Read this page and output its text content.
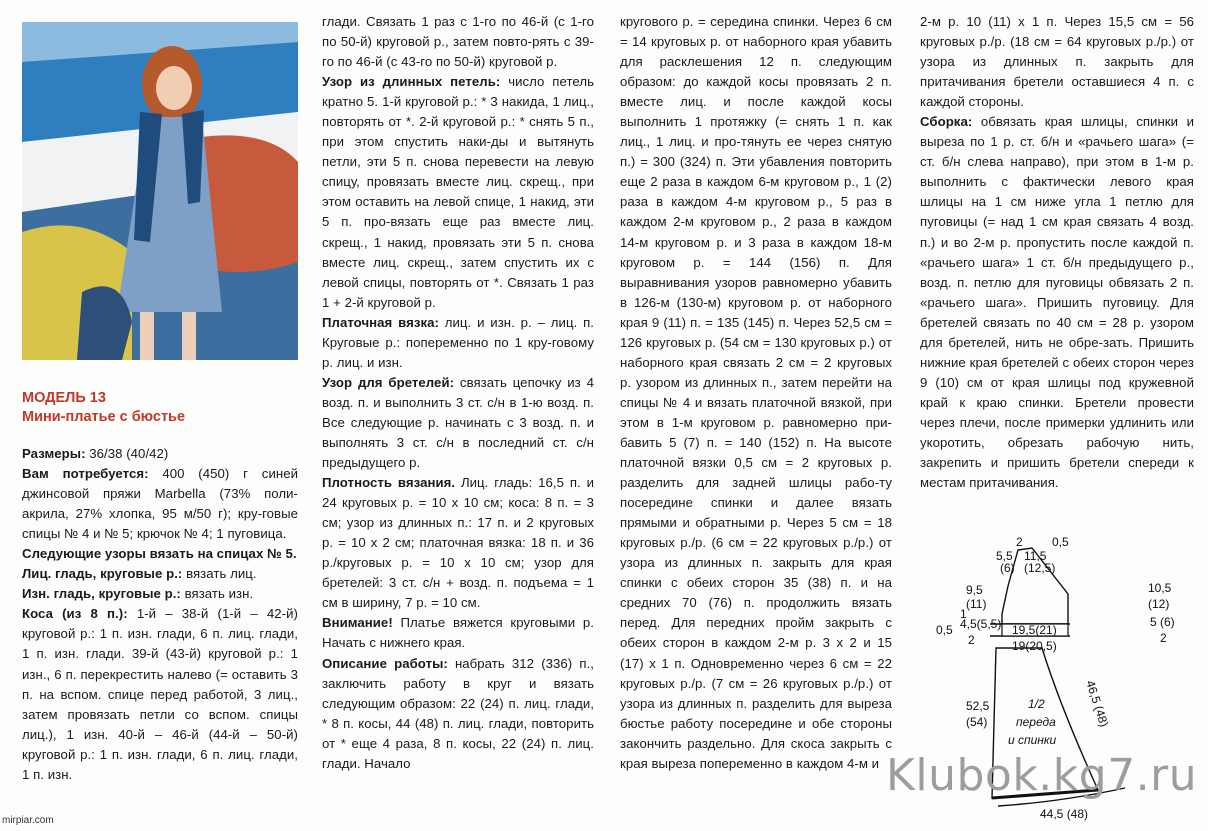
МОДЕЛЬ 13
Мини-платье с бюстье

Размеры: 36/38 (40/42)

Вам потребуется: 400 (450) г синей джинсовой пряжи Marbella (73% поли-акрила, 27% хлопка, 95 м/50 г); кру-говые спицы № 4 и № 5; крючок № 4; 1 пуговица.

Следующие узоры вязать на спицах № 5.

Лиц. гладь, круговые р.: вязать лиц.

Изн. гладь, круговые р.: вязать изн.

Коса (из 8 п.): 1-й – 38-й (1-й – 42-й) круговой р.: 1 п. изн. глади, 6 п. лиц. глади, 1 п. изн. глади. 39-й (43-й) круговой р.: 1 изн., 6 п. перекрестить налево (= оставить 3 п. на вспом. спице перед работой, 3 лиц., затем провязать петли со вспом. спицы лиц.), 1 изн. 40-й – 46-й (44-й – 50-й) круговой р.: 1 п. изн. глади, 6 п. лиц. глади, 1 п. изн.

глади. Связать 1 раз с 1-го по 46-й (с 1-го по 50-й) круговой р., затем повто-рять с 39-го по 46-й (с 43-го по 50-й) круговой р.

Узор из длинных петель: число петель кратно 5. 1-й круговой р.: * 3 накида, 1 лиц., повторять от *. 2-й круговой р.: * снять 5 п., при этом спустить наки-ды и вытянуть петли, эти 5 п. снова перевести на левую спицу, провязать вместе лиц. скрещ., при этом оставить на левой спице, 1 накид, эти 5 п. про-вязать еще раз вместе лиц. скрещ., 1 накид, провязать эти 5 п. снова вместе лиц. скрещ., затем спустить их с левой спицы, повторять от *. Связать 1 раз 1 + 2-й круговой р.

Платочная вязка: лиц. и изн. р. – лиц. п. Круговые р.: попеременно по 1 кру-говому р. лиц. и изн.

Узор для бретелей: связать цепочку из 4 возд. п. и выполнить 3 ст. с/н в 1-ю возд. п. Все следующие р. начинать с 3 возд. п. и выполнять 3 ст. с/н в последний ст. с/н предыдущего р.

Плотность вязания. Лиц. гладь: 16,5 п. и 24 круговых р. = 10 x 10 см; коса: 8 п. = 3 см; узор из длинных п.: 17 п. и 2 круговых р. = 10 x 2 см; платочная вязка: 18 п. и 36 р./круговых р. = 10 x 10 см; узор для бретелей: 3 ст. с/н + возд. п. подъема = 1 см в ширину, 7 р. = 10 см.

Внимание! Платье вяжется круговыми р. Начать с нижнего края.

Описание работы: набрать 312 (336) п., заключить работу в круг и вязать следующим образом: 22 (24) п. лиц. глади, * 8 п. косы, 44 (48) п. лиц. глади, повторить от * еще 4 раза, 8 п. косы, 22 (24) п. лиц. глади. Начало

кругового р. = середина спинки. Через 6 см = 14 круговых р. от наборного края убавить для расклешения 12 п. следующим образом: до каждой косы провязать 2 п. вместе лиц. и после каждой косы выполнить 1 протяжку (= снять 1 п. как лиц., 1 лиц. и про-тянуть ее через снятую п.) = 300 (324) п. Эти убавления повторить еще 2 раза в каждом 6-м круговом р., 1 (2) раза в каждом 4-м круговом р., 5 раз в каждом 2-м круговом р., 2 раза в каждом 14-м круговом р. и 3 раза в каждом 18-м круговом р. = 144 (156) п. Для выравнивания узоров равномерно убавить в 126-м (130-м) круговом р. от наборного края 9 (11) п. = 135 (145) п. Через 52,5 см = 126 круговых р. (54 см = 130 круговых р.) от наборного края связать 2 см = 2 круговых р. узором из длинных п., затем перейти на спицы № 4 и вязать платочной вязкой, при этом в 1-м круговом р. равномерно при-бавить 5 (7) п. = 140 (152) п. На высоте платочной вязки 0,5 см = 2 круговых р. разделить для задней шлицы рабо-ту посередине спинки и далее вязать прямыми и обратными р. Через 5 см = 18 круговых р./р. (6 см = 22 круговых р./р.) от узора из длинных п. закрыть для края спинки с обеих сторон 35 (38) п. и на средних 70 (76) п. продолжить вязать перед. Для передних пройм закрыть с обеих сторон в каждом 2-м р. 3 x 2 и 15 (17) x 1 п. Одновременно через 6 см = 22 круговых р./р. (7 см = 26 круговых р./р.) от узора из длинных п. разделить для выреза бюстье работу посередине и обе стороны закончить раздельно. Для скоса закрыть с края выреза попеременно в каждом 4-м и

2-м р. 10 (11) x 1 п. Через 15,5 см = 56 круговых р./р. (18 см = 64 круговых р./р.) от узора из длинных п. закрыть для притачивания бретели оставшиеся 4 п. с каждой стороны.

Сборка: обвязать края шлицы, спинки и выреза по 1 р. ст. б/н и «рачьего шага» (= ст. б/н слева направо), при этом в 1-м р. выполнить с фактически левого края шлицы на 1 см ниже угла 1 петлю для пуговицы (= над 1 см края связать 4 возд. п.) и во 2-м р. пропустить после каждой п. «рачьего шага» 1 ст. б/н предыдущего р., возд. п. петлю для пуговицы обвязать 2 п. «рачьего шага». Пришить пуговицу. Для бретелей связать по 40 см = 28 р. узором для бретелей, нить не обре-зать. Пришить нижние края бретелей с обеих сторон через 9 (10) см от края шлицы под кружевной край к краю спинки. Бретели провести через плечи, после примерки удлинить или укоротить, обрезать рабочую нить, закрепить и пришить бретели спереди к местам притачивания.

2 0,5
5,5
(6)
11,5
(12,5)
9,5
(11)
1
4,5(5,5)
0,5
2
19,5(21)
19(20,5)
10,5
(12)
5 (6)
2
52,5
(54)
1/2
переда
и спинки
46,5 (48)
44,5 (48)
Klubok.kg7.ru
mirpiar.com
